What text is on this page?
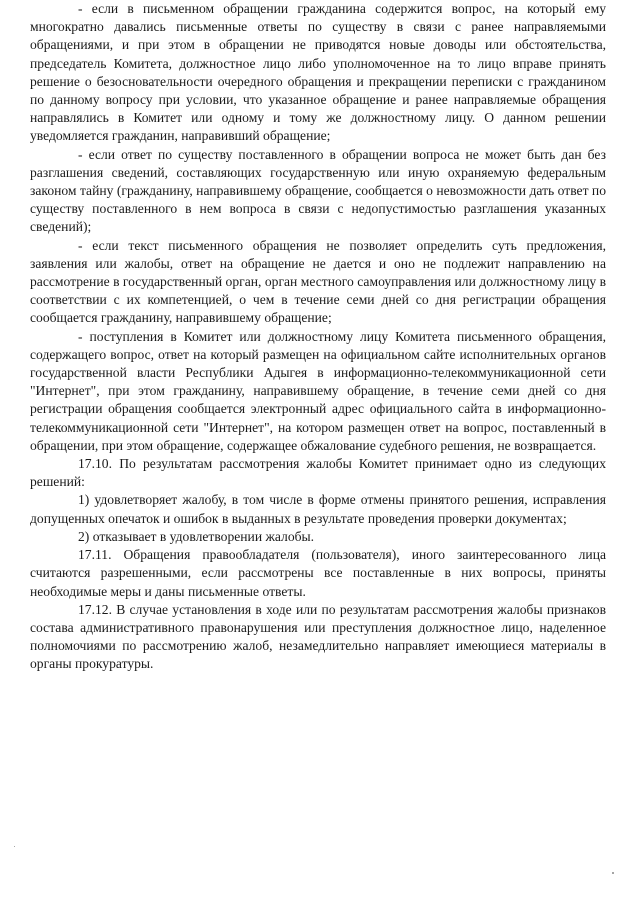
- если в письменном обращении гражданина содержится вопрос, на который ему многократно давались письменные ответы по существу в связи с ранее направляемыми обращениями, и при этом в обращении не приводятся новые доводы или обстоятельства, председатель Комитета, должностное лицо либо уполномоченное на то лицо вправе принять решение о безосновательности очередного обращения и прекращении переписки с гражданином по данному вопросу при условии, что указанное обращение и ранее направляемые обращения направлялись в Комитет или одному и тому же должностному лицу. О данном решении уведомляется гражданин, направивший обращение;

- если ответ по существу поставленного в обращении вопроса не может быть дан без разглашения сведений, составляющих государственную или иную охраняемую федеральным законом тайну (гражданину, направившему обращение, сообщается о невозможности дать ответ по существу поставленного в нем вопроса в связи с недопустимостью разглашения указанных сведений);

- если текст письменного обращения не позволяет определить суть предложения, заявления или жалобы, ответ на обращение не дается и оно не подлежит направлению на рассмотрение в государственный орган, орган местного самоуправления или должностному лицу в соответствии с их компетенцией, о чем в течение семи дней со дня регистрации обращения сообщается гражданину, направившему обращение;

- поступления в Комитет или должностному лицу Комитета письменного обращения, содержащего вопрос, ответ на который размещен на официальном сайте исполнительных органов государственной власти Республики Адыгея в информационно-телекоммуникационной сети "Интернет", при этом гражданину, направившему обращение, в течение семи дней со дня регистрации обращения сообщается электронный адрес официального сайта в информационно-телекоммуникационной сети "Интернет", на котором размещен ответ на вопрос, поставленный в обращении, при этом обращение, содержащее обжалование судебного решения, не возвращается.

17.10. По результатам рассмотрения жалобы Комитет принимает одно из следующих решений:

1) удовлетворяет жалобу, в том числе в форме отмены принятого решения, исправления допущенных опечаток и ошибок в выданных в результате проведения проверки документах;

2) отказывает в удовлетворении жалобы.

17.11. Обращения правообладателя (пользователя), иного заинтересованного лица считаются разрешенными, если рассмотрены все поставленные в них вопросы, приняты необходимые меры и даны письменные ответы.

17.12. В случае установления в ходе или по результатам рассмотрения жалобы признаков состава административного правонарушения или преступления должностное лицо, наделенное полномочиями по рассмотрению жалоб, незамедлительно направляет имеющиеся материалы в органы прокуратуры.
